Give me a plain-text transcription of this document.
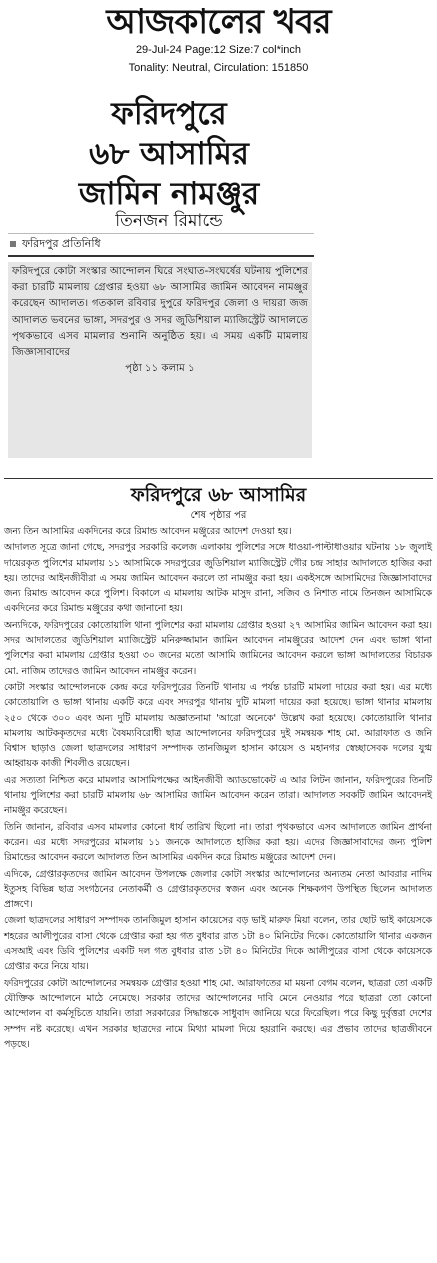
আজকালের খবর
29-Jul-24 Page:12 Size:7 col*inch
Tonality: Neutral, Circulation: 151850
ফরিদপুরে
৬৮ আসামির
জামিন নামঞ্জুর
তিনজন রিমান্ডে
ফরিদপুর প্রতিনিধি

ফরিদপুরে কোটা সংস্কার আন্দোলন ঘিরে সংঘাত-সংঘর্ষের ঘটনায় পুলিশের করা চারটি মামলায় গ্রেপ্তার হওয়া ৬৮ আসামির জামিন আবেদন নামঞ্জুর করেছেন আদালত। গতকাল রবিবার দুপুরে ফরিদপুর জেলা ও দায়রা জজ আদালত ভবনের ভাঙ্গা, সদরপুর ও সদর জুডিশিয়াল ম্যাজিস্ট্রেট আদালতে পৃথকভাবে এসব মামলার শুনানি অনুষ্ঠিত হয়। এ সময় একটি মামলায় জিজ্ঞাসাবাদের
পৃষ্ঠা ১১ কলাম ১

ফরিদপুরে ৬৮ আসামির
শেষ পৃষ্ঠার পর

জন্য তিন আসামির একদিনের করে রিমান্ড আবেদন মঞ্জুরের আদেশ দেওয়া হয়।

আদালত সূত্রে জানা গেছে, সদরপুর সরকারি কলেজ এলাকায় পুলিশের সঙ্গে ধাওয়া-পাল্টাধাওয়ার ঘটনায় ১৮ জুলাই দায়েরকৃত পুলিশের মামলায় ১১ আসামিকে সদরপুরের জুডিশিয়াল ম্যাজিস্ট্রেট গৌর চন্দ্র সাহার আদালতে হাজির করা হয়। তাদের আইনজীবীরা এ সময় জামিন আবেদন করলে তা নামঞ্জুর করা হয়। একইসঙ্গে আসামিদের জিজ্ঞাসাবাদের জন্য রিমান্ড আবেদন করে পুলিশ। বিকালে এ মামলায় আটক মাসুদ রানা, সজিব ও নিশাত নামে তিনজন আসামিকে একদিনের করে রিমান্ড মঞ্জুরের কথা জানানো হয়।

অন্যদিকে, ফরিদপুরের কোতোয়ালি থানা পুলিশের করা মামলায় গ্রেপ্তার হওয়া ২৭ আসামির জামিন আবেদন করা হয়। সদর আদালতের জুডিশিয়াল ম্যাজিস্ট্রেট মনিরুজ্জামান জামিন আবেদন নামঞ্জুরের আদেশ দেন এবং ভাঙ্গা থানা পুলিশের করা মামলায় গ্রেপ্তার হওয়া ৩০ জনের মতো আসামি জামিনের আবেদন করলে ভাঙ্গা আদালতের বিচারক মো. নাজিম তাদেরও জামিন আবেদন নামঞ্জুর করেন।

কোটা সংস্কার আন্দোলনকে কেন্দ্র করে ফরিদপুরের তিনটি থানায় এ পর্যন্ত চারটি মামলা দায়ের করা হয়। এর মধ্যে কোতোয়ালি ও ভাঙ্গা থানায় একটি করে এবং সদরপুর থানায় দুটি মামলা দায়ের করা হয়েছে। ভাঙ্গা থানার মামলায় ২৫০ থেকে ৩০০ এবং অন্য দুটি মামলায় অজ্ঞাতনামা 'আরো অনেকে' উল্লেখ করা হয়েছে। কোতোয়ালি থানার মামলায় আটককৃতদের মধ্যে বৈষম্যবিরোধী ছাত্র আন্দোলনের ফরিদপুরের দুই সমন্বয়ক শাহ মো. আরাফাত ও জনি বিশ্বাস ছাড়াও জেলা ছাত্রদলের সাধারণ সম্পাদক তানজিমুল হাসান কায়েস ও মহানগর স্বেচ্ছাসেবক দলের যুগ্ম আহ্বায়ক কাজী শিবলীও রয়েছেন।

এর সত্যতা নিশ্চিত করে মামলার আসামিপক্ষের আইনজীবী অ্যাডভোকেট এ আর লিটন জানান, ফরিদপুরের তিনটি থানায় পুলিশের করা চারটি মামলায় ৬৮ আসামির জামিন আবেদন করেন তারা। আদালত সবকটি জামিন আবেদনই নামঞ্জুর করেছেন।

তিনি জানান, রবিবার এসব মামলার কোনো ধার্য তারিখ ছিলো না। তারা পৃথকভাবে এসব আদালতে জামিন প্রার্থনা করেন। এর মধ্যে সদরপুরের মামলায় ১১ জনকে আদালতে হাজির করা হয়। এদের জিজ্ঞাসাবাদের জন্য পুলিশ রিমান্ডের আবেদন করলে আদালত তিন আসামির একদিন করে রিমান্ড মঞ্জুরের আদেশ দেন।

এদিকে, গ্রেপ্তারকৃতদের জামিন আবেদন উপলক্ষে জেলার কোটা সংস্কার আন্দোলনের অন্যতম নেতা আবরার নাদিম ইতুসহ বিভিন্ন ছাত্র সংগঠনের নেতাকর্মী ও গ্রেপ্তারকৃতদের স্বজন এবং অনেক শিক্ষকগণ উপস্থিত ছিলেন আদালত প্রাঙ্গণে।

জেলা ছাত্রদলের সাধারণ সম্পাদক তানজিমুল হাসান কায়েসের বড় ভাই মারুফ মিয়া বলেন, তার ছোট ভাই কায়েসকে শহরের আলীপুরের বাসা থেকে গ্রেপ্তার করা হয় গত বুধবার রাত ১টা ৪০ মিনিটের দিকে। কোতোয়ালি থানার একজন এসআই এবং ডিবি পুলিশের একটি দল গত বুধবার রাত ১টা ৪০ মিনিটের দিকে আলীপুরের বাসা থেকে কায়েসকে গ্রেপ্তার করে নিয়ে যায়।

ফরিদপুরের কোটা আন্দোলনের সমন্বয়ক গ্রেপ্তার হওয়া শাহ মো. আরাফাতের মা ময়না বেগম বলেন, ছাত্ররা তো একটি যৌক্তিক আন্দোলনে মাঠে নেমেছে। সরকার তাদের আন্দোলনের দাবি মেনে নেওয়ার পরে ছাত্ররা তো কোনো আন্দোলন বা কর্মসূচিতে যায়নি। তারা সরকারের সিদ্ধান্তকে সাধুবাদ জানিয়ে ঘরে ফিরেছিল। পরে কিছু দুর্বৃত্তরা দেশের সম্পদ নষ্ট করেছে। এখন সরকার ছাত্রদের নামে মিথ্যা মামলা দিয়ে হয়রানি করছে। এর প্রভাব তাদের ছাত্রজীবনে পড়ছে।
